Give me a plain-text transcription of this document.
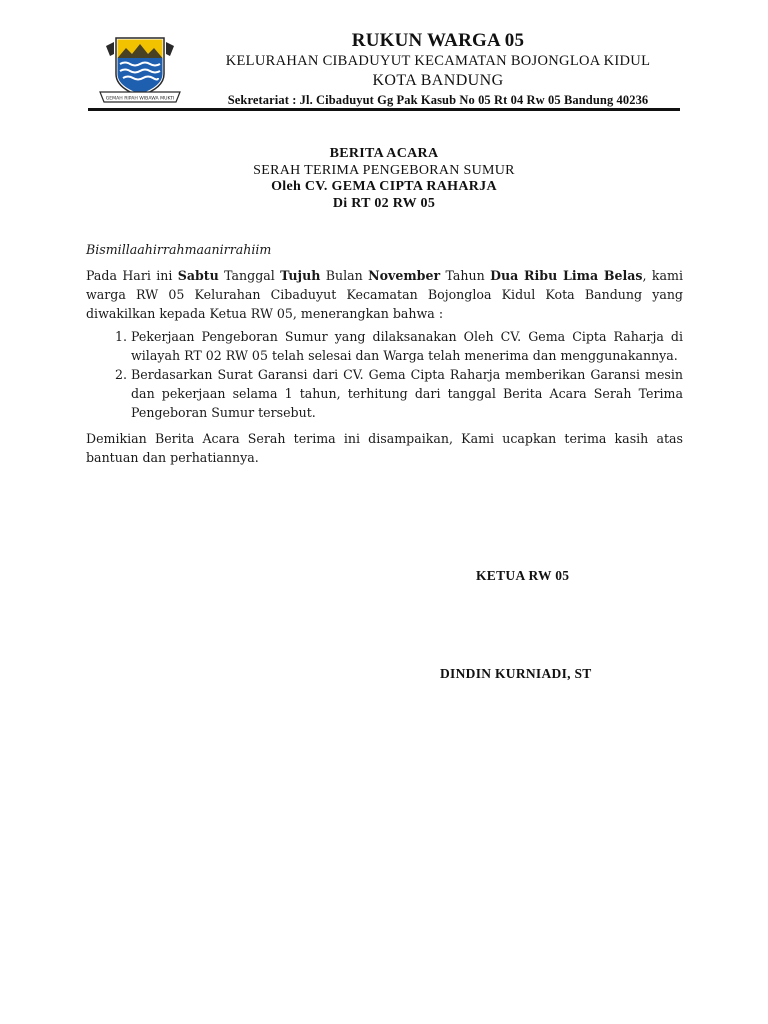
GEMAH RIPAH WIBAWA MUKTI
RUKUN WARGA 05
KELURAHAN CIBADUYUT KECAMATAN BOJONGLOA KIDUL
KOTA BANDUNG
Sekretariat : Jl. Cibaduyut Gg Pak Kasub No 05 Rt 04 Rw 05 Bandung 40236
BERITA ACARA
SERAH TERIMA PENGEBORAN SUMUR
Oleh CV. GEMA CIPTA RAHARJA
Di RT 02 RW 05

Bismillaahirrahmaanirrahiim

Pada Hari ini Sabtu Tanggal Tujuh Bulan November Tahun Dua Ribu Lima Belas, kami warga RW 05 Kelurahan Cibaduyut Kecamatan Bojongloa Kidul Kota Bandung yang diwakilkan kepada Ketua RW 05, menerangkan bahwa :

1. Pekerjaan Pengeboran Sumur yang dilaksanakan Oleh CV. Gema Cipta Raharja di wilayah RT 02 RW 05 telah selesai dan Warga telah menerima dan menggunakannya.
2. Berdasarkan Surat Garansi dari CV. Gema Cipta Raharja memberikan Garansi mesin dan pekerjaan selama 1 tahun, terhitung dari tanggal Berita Acara Serah Terima Pengeboran Sumur tersebut.

Demikian Berita Acara Serah terima ini disampaikan, Kami ucapkan terima kasih atas bantuan dan perhatiannya.

KETUA RW 05
DINDIN KURNIADI, ST
